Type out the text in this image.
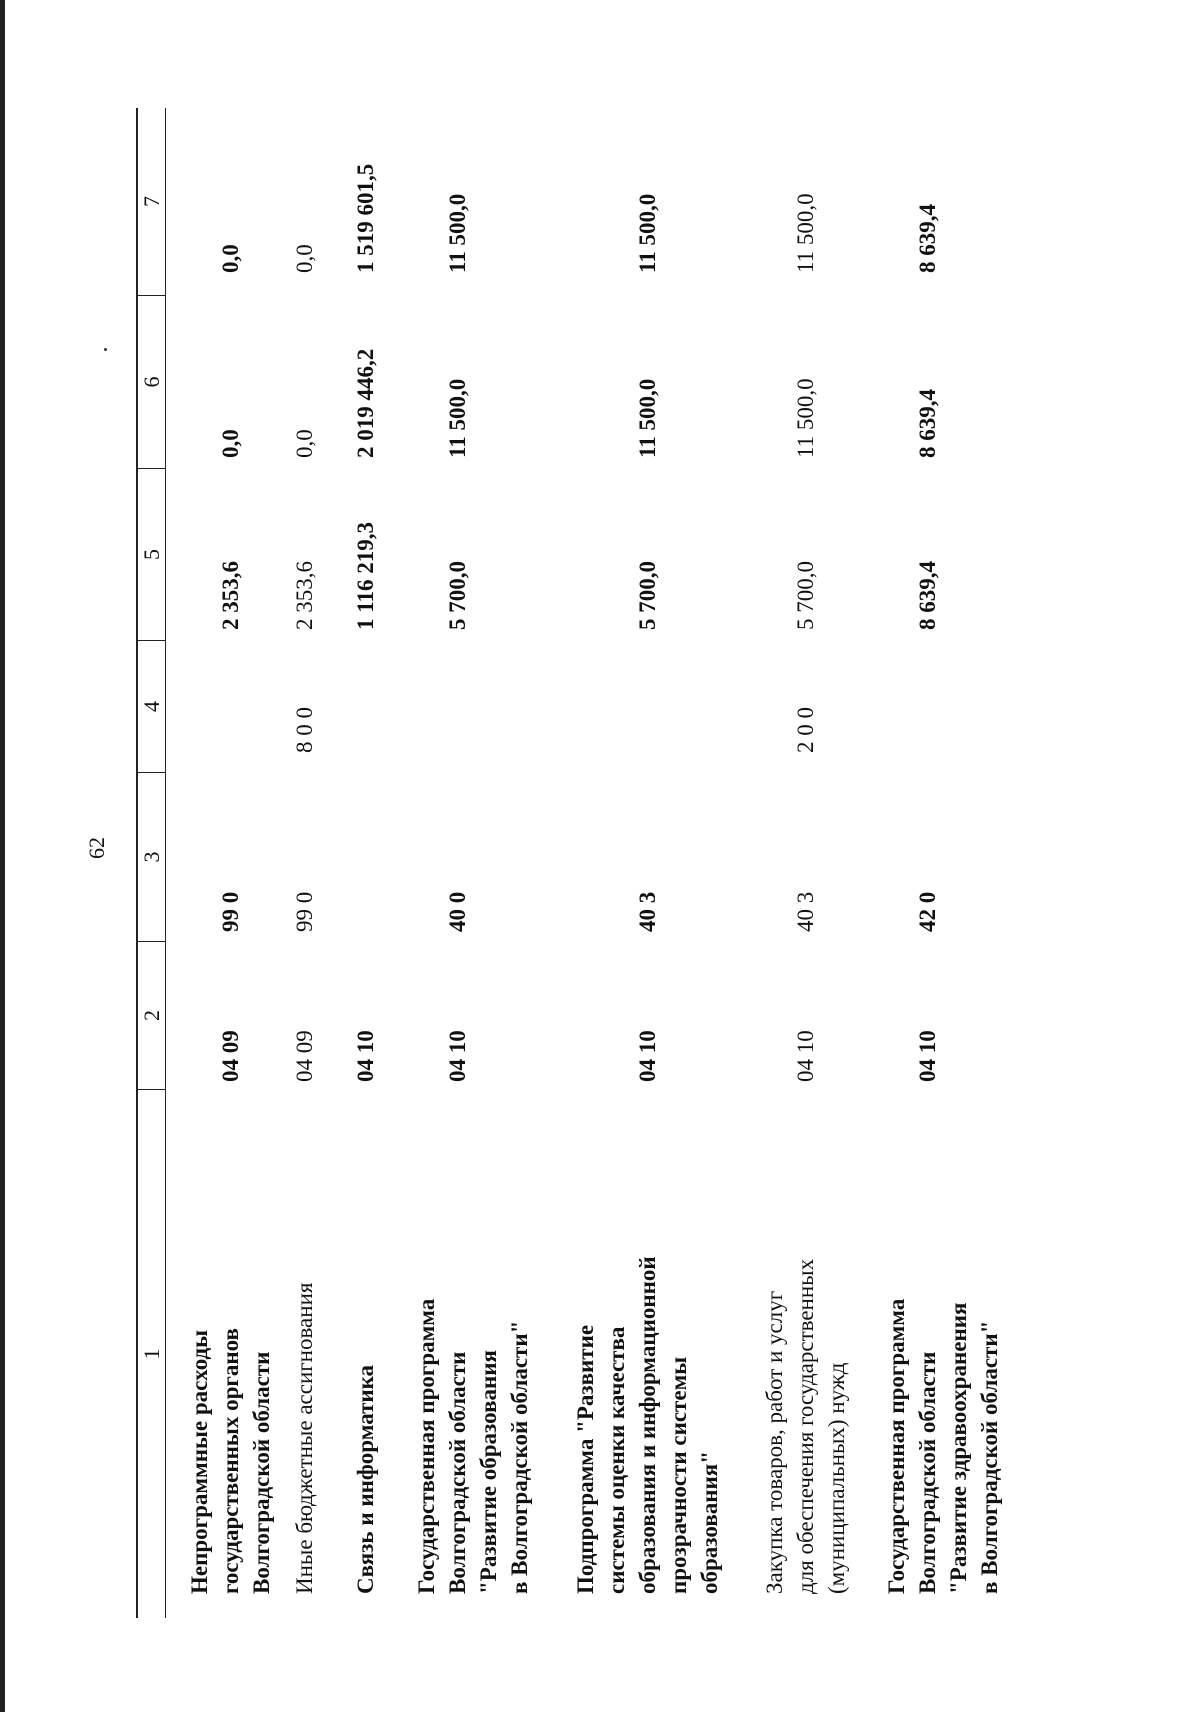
62
1
2
3
4
5
6
7
Непрограммные расходы
государственных органов
Волгоградской области
04 09
99 0
2 353,6
0,0
0,0
Иные бюджетные ассигнования
04 09
99 0
8 0 0
2 353,6
0,0
0,0
Связь и информатика
04 10
1 116 219,3
2 019 446,2
1 519 601,5
Государственная программа
Волгоградской области
"Развитие образования
в Волгоградской области"
04 10
40 0
5 700,0
11 500,0
11 500,0
Подпрограмма "Развитие
системы оценки качества
образования и информационной
прозрачности системы
образования"
04 10
40 3
5 700,0
11 500,0
11 500,0
Закупка товаров, работ и услуг
для обеспечения государственных
(муниципальных) нужд
04 10
40 3
2 0 0
5 700,0
11 500,0
11 500,0
Государственная программа
Волгоградской области
"Развитие здравоохранения
в Волгоградской области"
04 10
42 0
8 639,4
8 639,4
8 639,4
